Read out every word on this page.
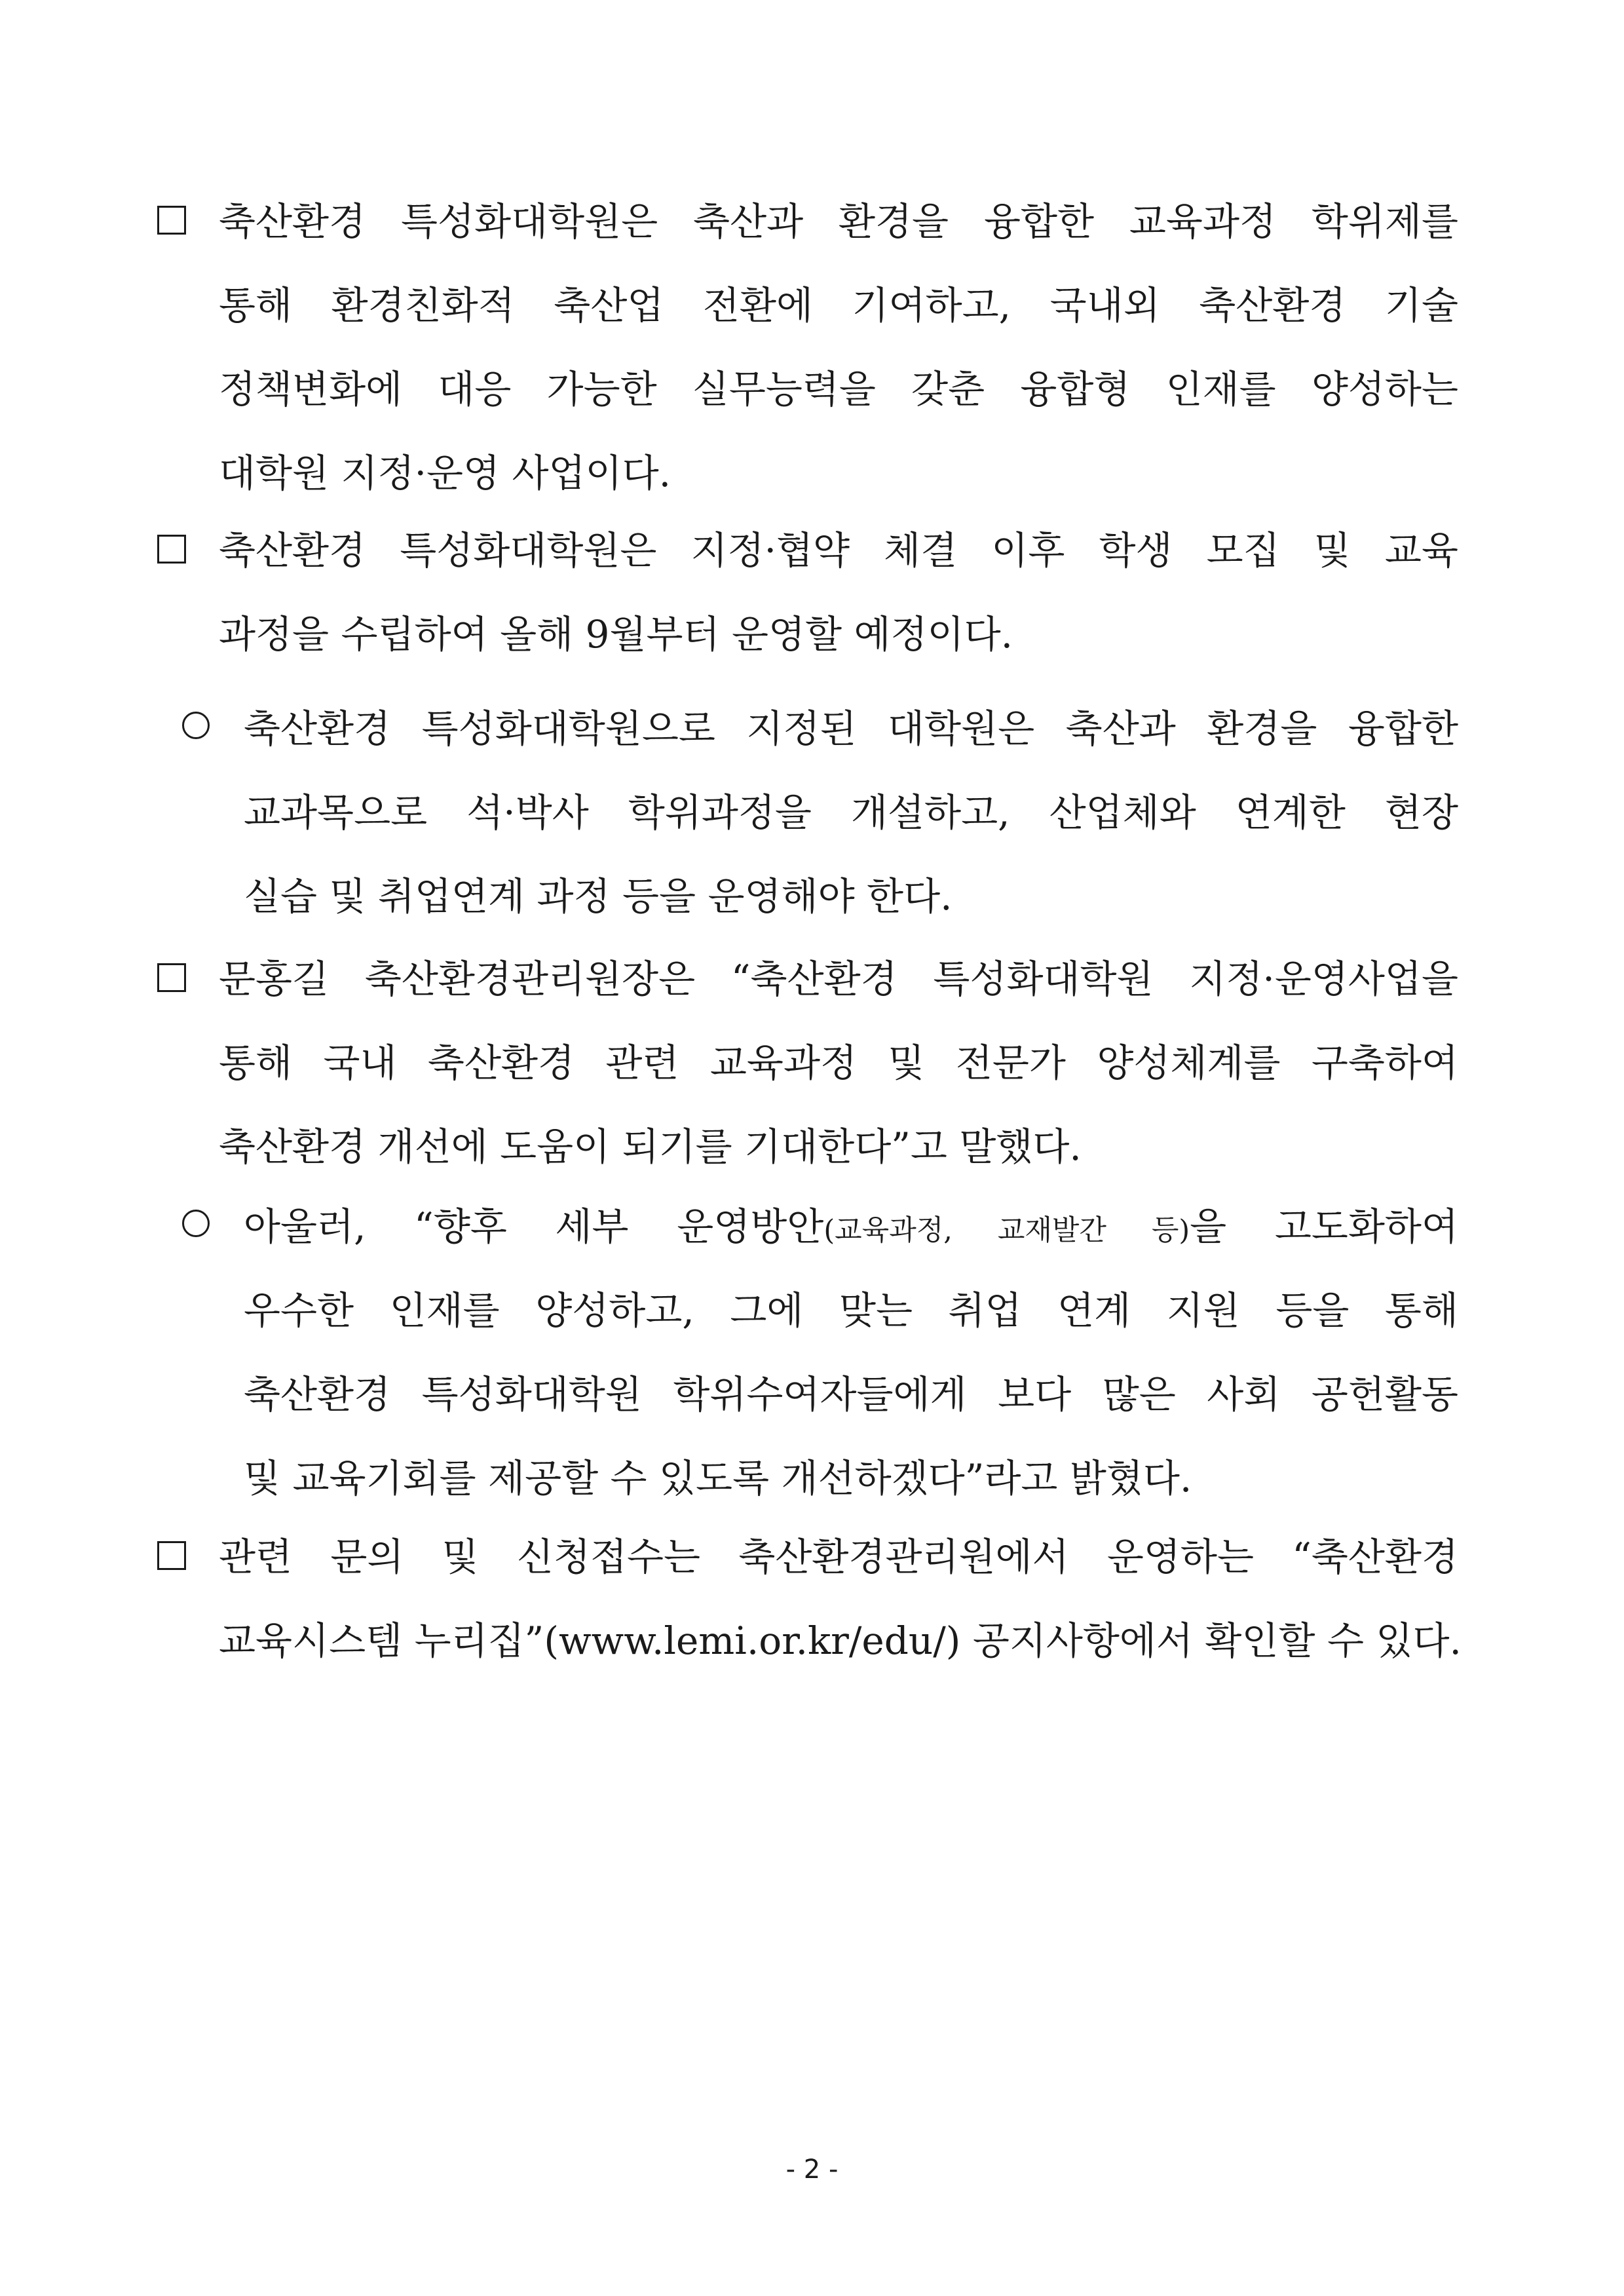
축산환경 특성화대학원은 축산과 환경을 융합한 교육과정 학위제를
통해 환경친화적 축산업 전환에 기여하고, 국내외 축산환경 기술
정책변화에 대응 가능한 실무능력을 갖춘 융합형 인재를 양성하는
대학원 지정·운영 사업이다.
축산환경 특성화대학원은 지정·협약 체결 이후 학생 모집 및 교육
과정을 수립하여 올해 9월부터 운영할 예정이다.
축산환경 특성화대학원으로 지정된 대학원은 축산과 환경을 융합한
교과목으로 석·박사 학위과정을 개설하고, 산업체와 연계한 현장
실습 및 취업연계 과정 등을 운영해야 한다.
문홍길 축산환경관리원장은 “축산환경 특성화대학원 지정·운영사업을
통해 국내 축산환경 관련 교육과정 및 전문가 양성체계를 구축하여
축산환경 개선에 도움이 되기를 기대한다”고 말했다.
아울러, “향후 세부 운영방안(교육과정, 교재발간 등)을 고도화하여
우수한 인재를 양성하고, 그에 맞는 취업 연계 지원 등을 통해
축산환경 특성화대학원 학위수여자들에게 보다 많은 사회 공헌활동
및 교육기회를 제공할 수 있도록 개선하겠다”라고 밝혔다.
관련 문의 및 신청접수는 축산환경관리원에서 운영하는 “축산환경
교육시스템 누리집”(www.lemi.or.kr/edu/) 공지사항에서 확인할 수 있다.
- 2 -
